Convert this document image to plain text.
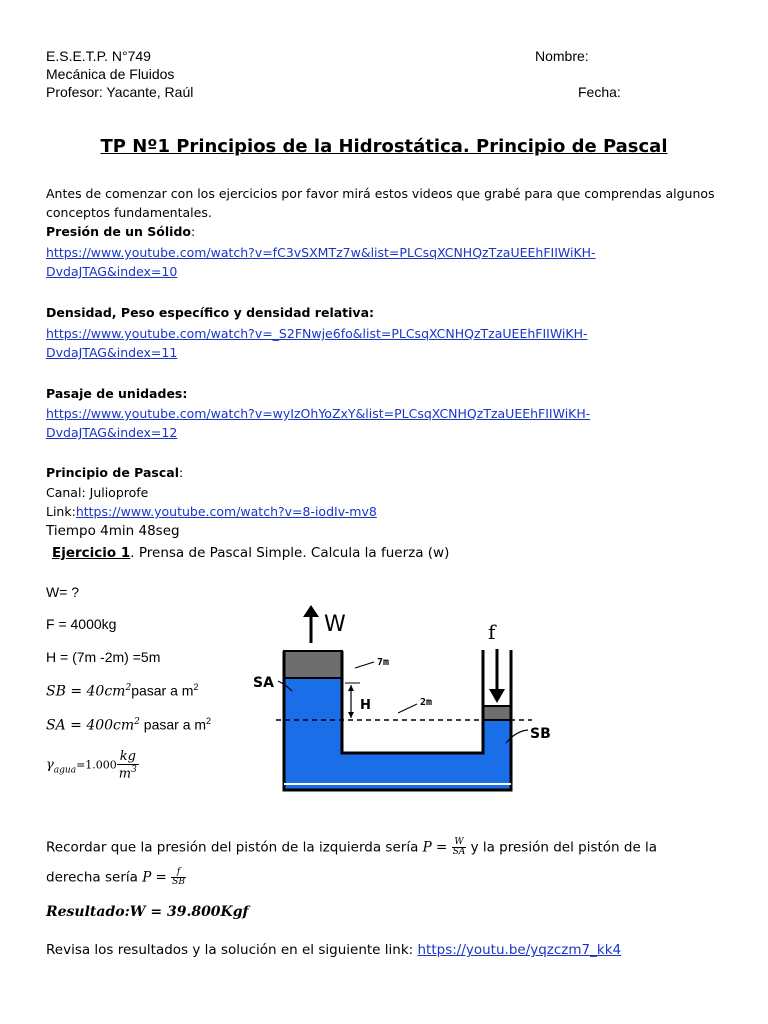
E.S.E.T.P. N°749
Mecánica de Fluidos
Profesor: Yacante, Raúl
Nombre:
Fecha:
TP Nº1 Principios de la Hidrostática. Principio de Pascal
Antes de comenzar con los ejercicios por favor mirá estos videos que grabé para que comprendas algunos
conceptos fundamentales.
Presión de un Sólido:
https://www.youtube.com/watch?v=fC3vSXMTz7w&list=PLCsqXCNHQzTzaUEEhFIIWiKH-
DvdaJTAG&index=10
Densidad, Peso específico y densidad relativa:
https://www.youtube.com/watch?v=_S2FNwje6fo&list=PLCsqXCNHQzTzaUEEhFIIWiKH-
DvdaJTAG&index=11
Pasaje de unidades:
https://www.youtube.com/watch?v=wyIzOhYoZxY&list=PLCsqXCNHQzTzaUEEhFIIWiKH-
DvdaJTAG&index=12
Principio de Pascal:
Canal: Julioprofe
Link:https://www.youtube.com/watch?v=8-iodIv-mv8
Tiempo 4min 48seg
Ejercicio 1. Prensa de Pascal Simple. Calcula la fuerza (w)
W= ?
F = 4000kg
H = (7m -2m) =5m
SB = $40cm^2pasar$ a $m^2$
SA = $400cm^2$ pasar a $m^2$
$\gamma_{agua}=1.000 \frac{kg}{m^3}$
W	f
SA
SB
H
7m
2m
Recordar que la presión del pistón de la izquierda sería $P = \frac{W}{SA}$ y la presión del pistón de la
derecha sería $P = \frac{f}{SB}$
Resultado:W = 39.800Kgf
Revisa los resultados y la solución en el siguiente link: https://youtu.be/yqzczm7_kk4
